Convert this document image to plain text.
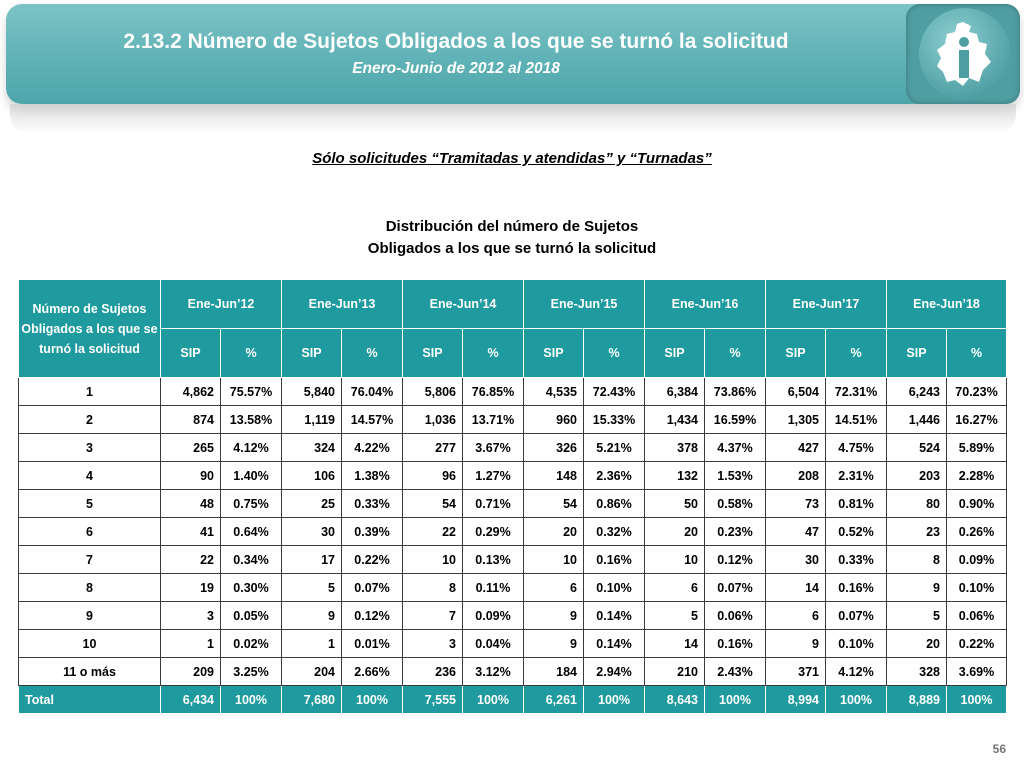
2.13.2 Número de Sujetos Obligados a los que se turnó la solicitud
Enero-Junio de 2012 al 2018
Sólo solicitudes “Tramitadas y atendidas” y “Turnadas”
Distribución del número de Sujetos
Obligados a los que se turnó la solicitud
Número de Sujetos Obligados a los que se turnó la solicitud	Ene-Jun’12		Ene-Jun’13		Ene-Jun’14		Ene-Jun’15		Ene-Jun’16		Ene-Jun’17		Ene-Jun’18	
	SIP	%	SIP	%	SIP	%	SIP	%	SIP	%	SIP	%	SIP	%
1	4,862	75.57%	5,840	76.04%	5,806	76.85%	4,535	72.43%	6,384	73.86%	6,504	72.31%	6,243	70.23%
2	874	13.58%	1,119	14.57%	1,036	13.71%	960	15.33%	1,434	16.59%	1,305	14.51%	1,446	16.27%
3	265	4.12%	324	4.22%	277	3.67%	326	5.21%	378	4.37%	427	4.75%	524	5.89%
4	90	1.40%	106	1.38%	96	1.27%	148	2.36%	132	1.53%	208	2.31%	203	2.28%
5	48	0.75%	25	0.33%	54	0.71%	54	0.86%	50	0.58%	73	0.81%	80	0.90%
6	41	0.64%	30	0.39%	22	0.29%	20	0.32%	20	0.23%	47	0.52%	23	0.26%
7	22	0.34%	17	0.22%	10	0.13%	10	0.16%	10	0.12%	30	0.33%	8	0.09%
8	19	0.30%	5	0.07%	8	0.11%	6	0.10%	6	0.07%	14	0.16%	9	0.10%
9	3	0.05%	9	0.12%	7	0.09%	9	0.14%	5	0.06%	6	0.07%	5	0.06%
10	1	0.02%	1	0.01%	3	0.04%	9	0.14%	14	0.16%	9	0.10%	20	0.22%
11 o más	209	3.25%	204	2.66%	236	3.12%	184	2.94%	210	2.43%	371	4.12%	328	3.69%
Total	6,434	100%	7,680	100%	7,555	100%	6,261	100%	8,643	100%	8,994	100%	8,889	100%
56
